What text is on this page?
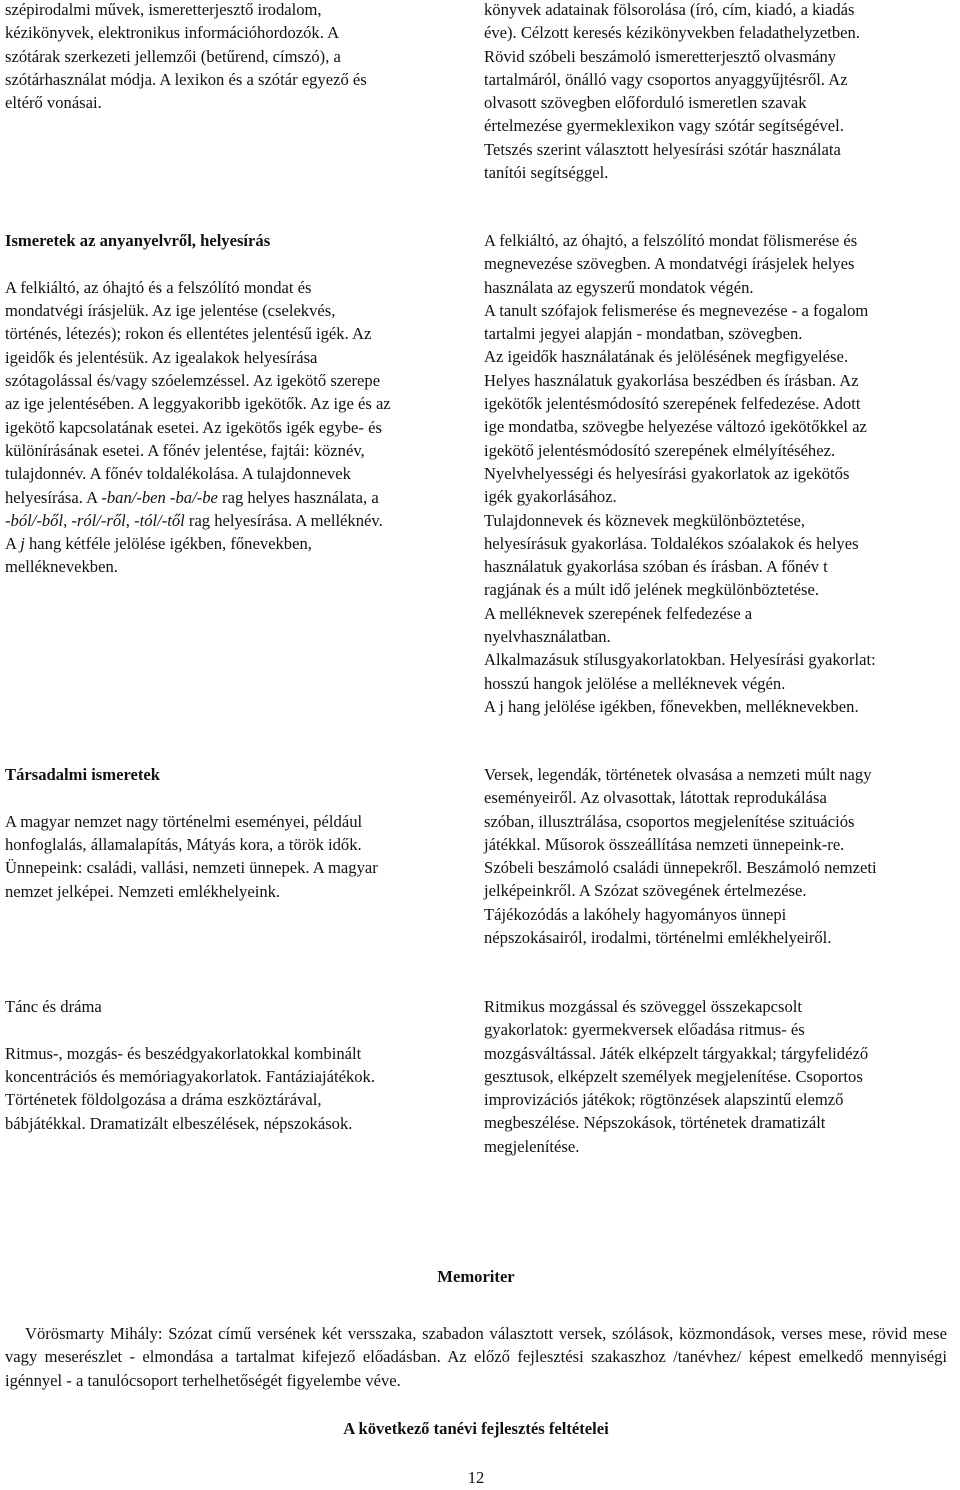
szépirodalmi művek, ismeretterjesztő irodalom,
kézikönyvek, elektronikus információhordozók. A
szótárak szerkezeti jellemzői (betűrend, címszó), a
szótárhasználat módja. A lexikon és a szótár egyező és
eltérő vonásai.

könyvek adatainak fölsorolása (író, cím, kiadó, a kiadás
éve). Célzott keresés kézikönyvekben feladathelyzetben.
Rövid szóbeli beszámoló ismeretterjesztő olvasmány
tartalmáról, önálló vagy csoportos anyaggyűjtésről. Az
olvasott szövegben előforduló ismeretlen szavak
értelmezése gyermeklexikon vagy szótár segítségével.
Tetszés szerint választott helyesírási szótár használata
tanítói segítséggel.

Ismeretek az anyanyelvről, helyesírás

A felkiáltó, az óhajtó és a felszólító mondat és
mondatvégi írásjelük. Az ige jelentése (cselekvés,
történés, létezés); rokon és ellentétes jelentésű igék. Az
igeidők és jelentésük. Az igealakok helyesírása
szótagolással és/vagy szóelemzéssel. Az igekötő szerepe
az ige jelentésében. A leggyakoribb igekötők. Az ige és az
igekötő kapcsolatának esetei. Az igekötős igék egybe- és
különírásának esetei. A főnév jelentése, fajtái: köznév,
tulajdonnév. A főnév toldalékolása. A tulajdonnevek
helyesírása. A -ban/-ben -ba/-be rag helyes használata, a
-ból/-ből, -ról/-ről, -tól/-től rag helyesírása. A melléknév.
A j hang kétféle jelölése igékben, főnevekben,
melléknevekben.

A felkiáltó, az óhajtó, a felszólító mondat fölismerése és
megnevezése szövegben. A mondatvégi írásjelek helyes
használata az egyszerű mondatok végén.
A tanult szófajok felismerése és megnevezése - a fogalom
tartalmi jegyei alapján - mondatban, szövegben.
Az igeidők használatának és jelölésének megfigyelése.
Helyes használatuk gyakorlása beszédben és írásban. Az
igekötők jelentésmódosító szerepének felfedezése. Adott
ige mondatba, szövegbe helyezése változó igekötőkkel az
igekötő jelentésmódosító szerepének elmélyítéséhez.
Nyelvhelyességi és helyesírási gyakorlatok az igekötős
igék gyakorlásához.
Tulajdonnevek és köznevek megkülönböztetése,
helyesírásuk gyakorlása. Toldalékos szóalakok és helyes
használatuk gyakorlása szóban és írásban. A főnév t
ragjának és a múlt idő jelének megkülönböztetése.
A melléknevek szerepének felfedezése a
nyelvhasználatban.
Alkalmazásuk stílusgyakorlatokban. Helyesírási gyakorlat:
hosszú hangok jelölése a melléknevek végén.
A j hang jelölése igékben, főnevekben, melléknevekben.

Társadalmi ismeretek

A magyar nemzet nagy történelmi eseményei, például
honfoglalás, államalapítás, Mátyás kora, a török idők.
Ünnepeink: családi, vallási, nemzeti ünnepek. A magyar
nemzet jelképei. Nemzeti emlékhelyeink.

Versek, legendák, történetek olvasása a nemzeti múlt nagy
eseményeiről. Az olvasottak, látottak reprodukálása
szóban, illusztrálása, csoportos megjelenítése szituációs
játékkal. Műsorok összeállítása nemzeti ünnepeink-re.
Szóbeli beszámoló családi ünnepekről. Beszámoló nemzeti
jelképeinkről. A Szózat szövegének értelmezése.
Tájékozódás a lakóhely hagyományos ünnepi
népszokásairól, irodalmi, történelmi emlékhelyeiről.

Tánc és dráma

Ritmus-, mozgás- és beszédgyakorlatokkal kombinált
koncentrációs és memóriagyakorlatok. Fantáziajátékok.
Történetek földolgozása a dráma eszköztárával,
bábjátékkal. Dramatizált elbeszélések, népszokások.

Ritmikus mozgással és szöveggel összekapcsolt
gyakorlatok: gyermekversek előadása ritmus- és
mozgásváltással. Játék elképzelt tárgyakkal; tárgyfelidéző
gesztusok, elképzelt személyek megjelenítése. Csoportos
improvizációs játékok; rögtönzések alapszintű elemző
megbeszélése. Népszokások, történetek dramatizált
megjelenítése.

Memoriter

Vörösmarty Mihály: Szózat című versének két versszaka, szabadon választott versek, szólások, közmondások, verses mese, rövid mese vagy meserészlet - elmondása a tartalmat kifejező előadásban. Az előző fejlesztési szakaszhoz /tanévhez/ képest emelkedő mennyiségi igénnyel - a tanulócsoport terhelhetőségét figyelembe véve.

A következő tanévi fejlesztés feltételei

12
